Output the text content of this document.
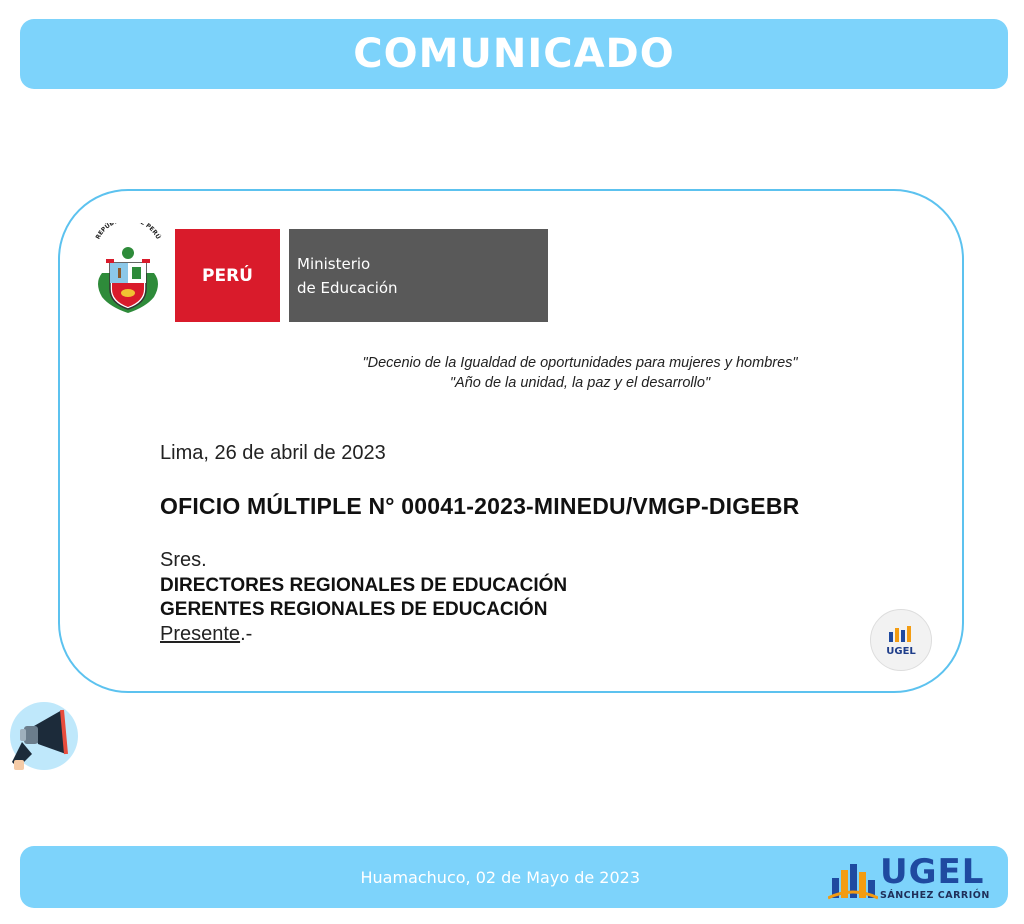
COMUNICADO
REPÚB PERÚ
PERÚ
Ministerio
de Educación
"Decenio de la Igualdad de oportunidades para mujeres y hombres"
"Año de la unidad, la paz y el desarrollo"
Lima, 26 de abril de 2023
OFICIO MÚLTIPLE N° 00041-2023-MINEDU/VMGP-DIGEBR
Sres.
DIRECTORES REGIONALES DE EDUCACIÓN
GERENTES REGIONALES DE EDUCACIÓN
Presente.-
UGEL
Huamachuco, 02 de Mayo de 2023	UGEL
SÁNCHEZ CARRIÓN
